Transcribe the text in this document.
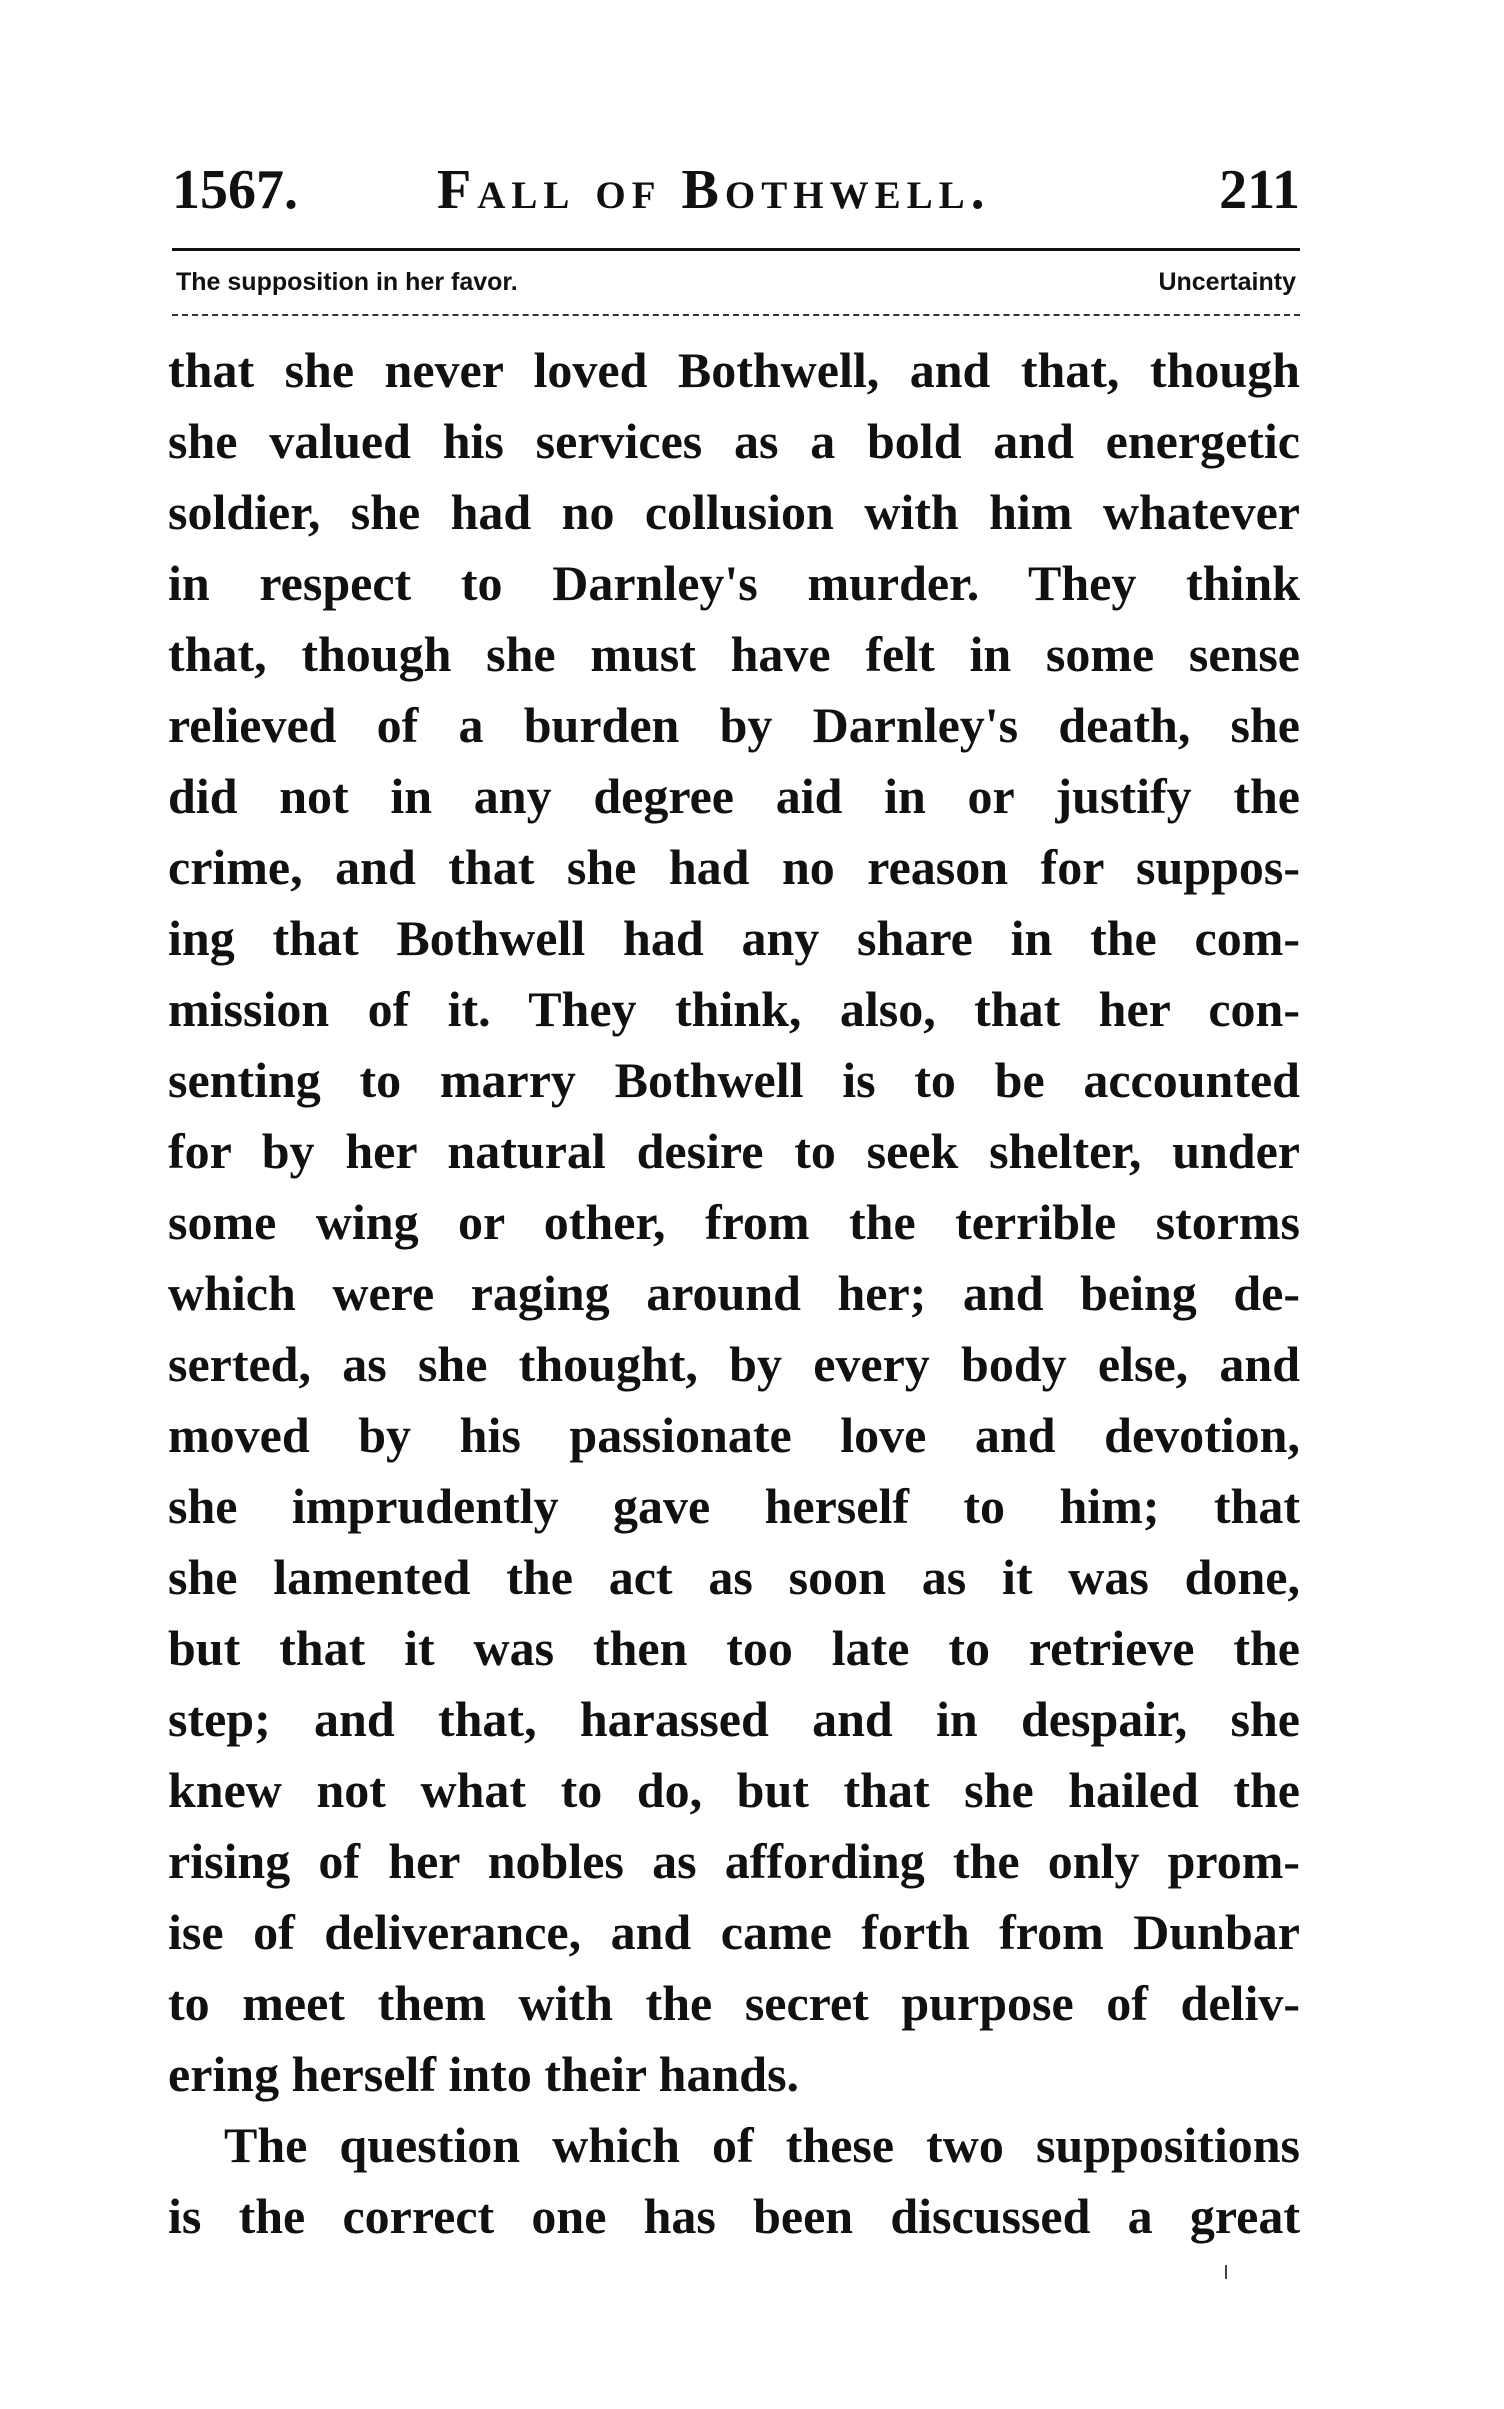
1567. Fall of Bothwell.	211
The supposition in her favor.	Uncertainty
that she never loved Bothwell, and that, though
she valued his services as a bold and energetic
soldier, she had no collusion with him whatever
in respect to Darnley's murder. They think
that, though she must have felt in some sense
relieved of a burden by Darnley's death, she
did not in any degree aid in or justify the
crime, and that she had no reason for suppos-
ing that Bothwell had any share in the com-
mission of it. They think, also, that her con-
senting to marry Bothwell is to be accounted
for by her natural desire to seek shelter, under
some wing or other, from the terrible storms
which were raging around her; and being de-
serted, as she thought, by every body else, and
moved by his passionate love and devotion,
she imprudently gave herself to him; that
she lamented the act as soon as it was done,
but that it was then too late to retrieve the
step; and that, harassed and in despair, she
knew not what to do, but that she hailed the
rising of her nobles as affording the only prom-
ise of deliverance, and came forth from Dunbar
to meet them with the secret purpose of deliv-
ering herself into their hands.
The question which of these two suppositions
is the correct one has been discussed a great
